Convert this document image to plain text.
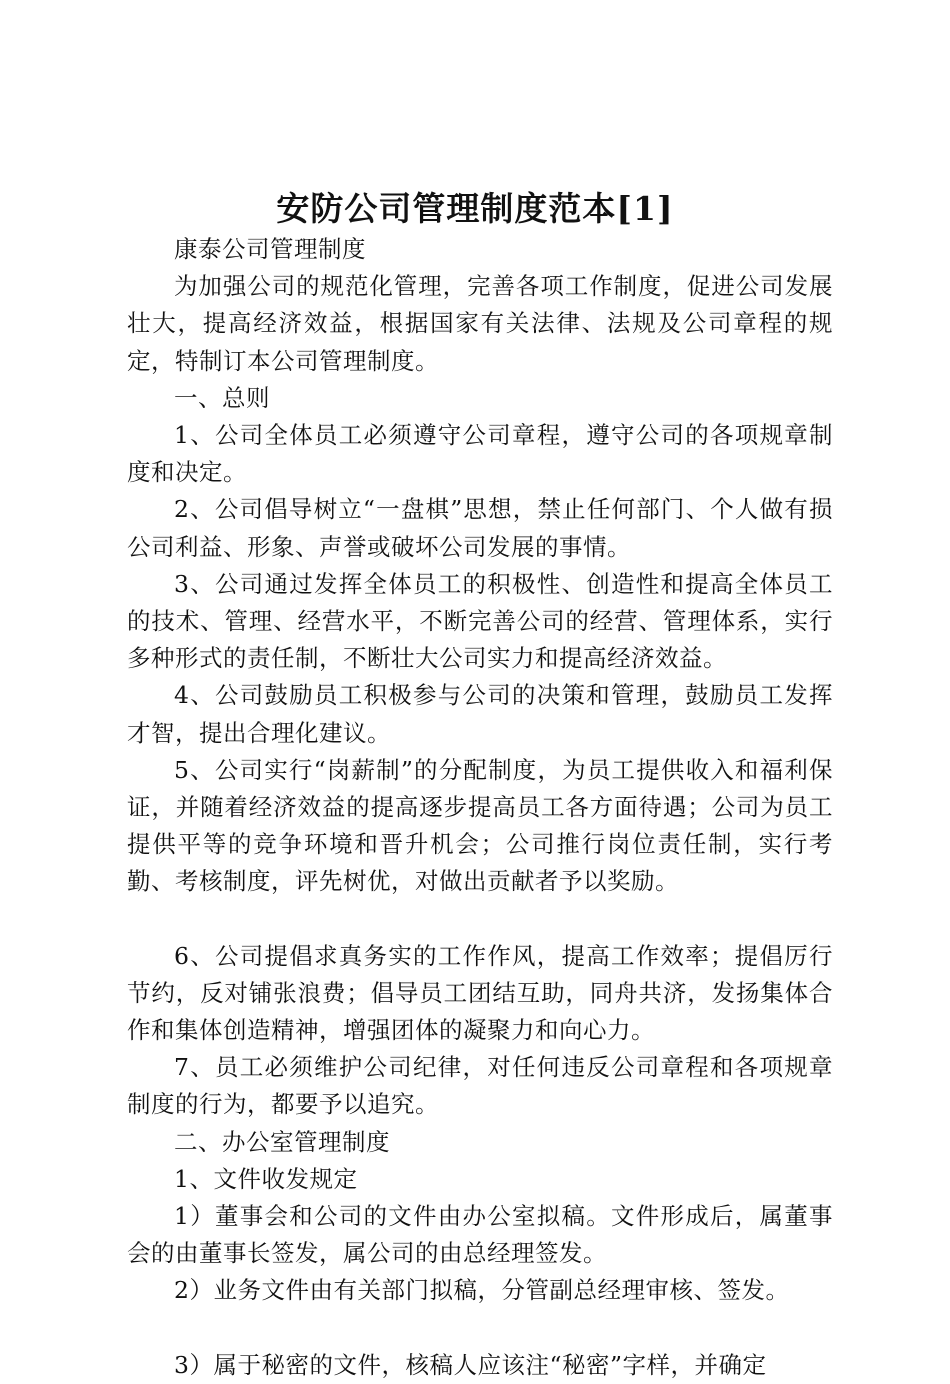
安防公司管理制度范本[1]

康泰公司管理制度

为加强公司的规范化管理，完善各项工作制度，促进公司发展壮大，提高经济效益，根据国家有关法律、法规及公司章程的规定，特制订本公司管理制度。

一、总则

1、公司全体员工必须遵守公司章程，遵守公司的各项规章制度和决定。

2、公司倡导树立“一盘棋”思想，禁止任何部门、个人做有损公司利益、形象、声誉或破坏公司发展的事情。

3、公司通过发挥全体员工的积极性、创造性和提高全体员工的技术、管理、经营水平，不断完善公司的经营、管理体系，实行多种形式的责任制，不断壮大公司实力和提高经济效益。

4、公司鼓励员工积极参与公司的决策和管理，鼓励员工发挥才智，提出合理化建议。

5、公司实行“岗薪制”的分配制度，为员工提供收入和福利保证，并随着经济效益的提高逐步提高员工各方面待遇；公司为员工提供平等的竞争环境和晋升机会；公司推行岗位责任制，实行考勤、考核制度，评先树优，对做出贡献者予以奖励。

6、公司提倡求真务实的工作作风，提高工作效率；提倡厉行节约，反对铺张浪费；倡导员工团结互助，同舟共济，发扬集体合作和集体创造精神，增强团体的凝聚力和向心力。

7、员工必须维护公司纪律，对任何违反公司章程和各项规章制度的行为，都要予以追究。

二、办公室管理制度

1、文件收发规定

1）董事会和公司的文件由办公室拟稿。文件形成后，属董事会的由董事长签发，属公司的由总经理签发。

2）业务文件由有关部门拟稿，分管副总经理审核、签发。

3）属于秘密的文件，核稿人应该注“秘密”字样，并确定
